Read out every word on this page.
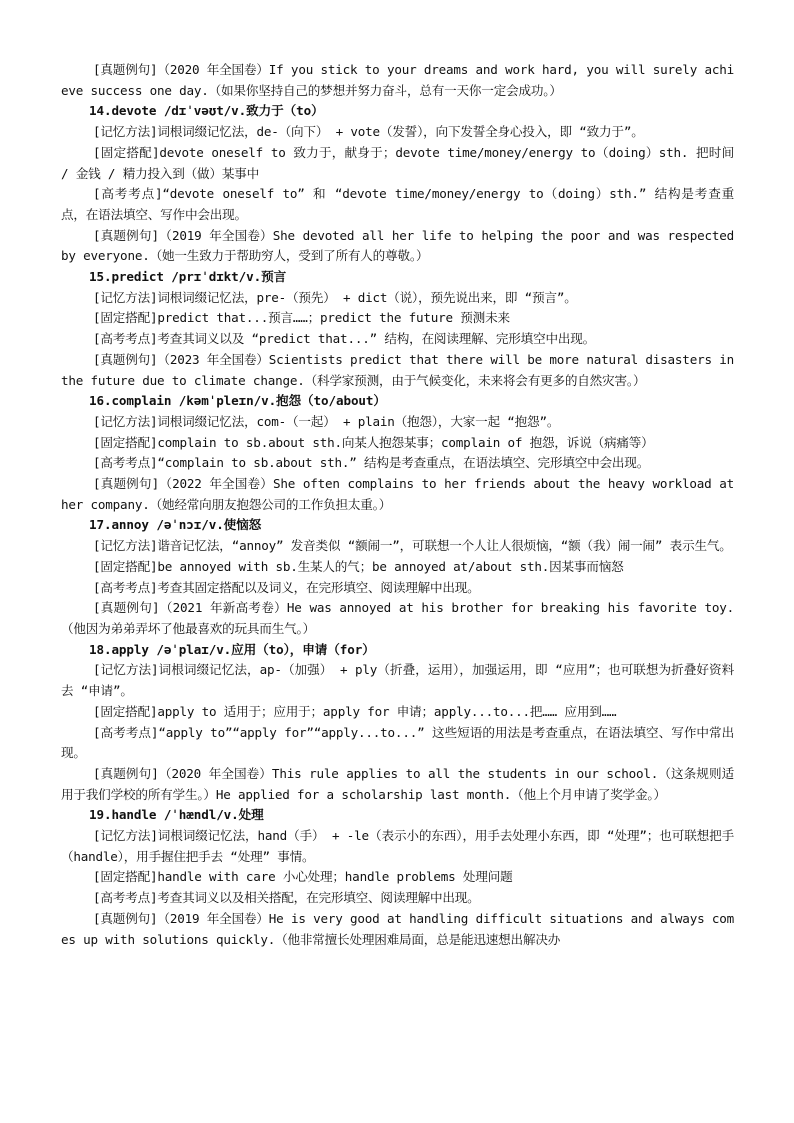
[真题例句]（2020 年全国卷）If you stick to your dreams and work hard, you will surely achieve success one day.（如果你坚持自己的梦想并努力奋斗，总有一天你一定会成功。）
14.devote /dɪˈvəʊt/v.致力于（to）
[记忆方法]词根词缀记忆法，de-（向下） + vote（发誓），向下发誓全身心投入，即 “致力于”。
[固定搭配]devote oneself to 致力于，献身于；devote time/money/energy to（doing）sth. 把时间 / 金钱 / 精力投入到（做）某事中
[高考考点]“devote oneself to” 和 “devote time/money/energy to（doing）sth.” 结构是考查重点，在语法填空、写作中会出现。
[真题例句]（2019 年全国卷）She devoted all her life to helping the poor and was respected by everyone.（她一生致力于帮助穷人，受到了所有人的尊敬。）
15.predict /prɪˈdɪkt/v.预言
[记忆方法]词根词缀记忆法，pre-（预先） + dict（说），预先说出来，即 “预言”。
[固定搭配]predict that...预言……；predict the future 预测未来
[高考考点]考查其词义以及 “predict that...” 结构，在阅读理解、完形填空中出现。
[真题例句]（2023 年全国卷）Scientists predict that there will be more natural disasters in the future due to climate change.（科学家预测，由于气候变化，未来将会有更多的自然灾害。）
16.complain /kəmˈpleɪn/v.抱怨（to/about）
[记忆方法]词根词缀记忆法，com-（一起） + plain（抱怨），大家一起 “抱怨”。
[固定搭配]complain to sb.about sth.向某人抱怨某事；complain of 抱怨，诉说（病痛等）
[高考考点]“complain to sb.about sth.” 结构是考查重点，在语法填空、完形填空中会出现。
[真题例句]（2022 年全国卷）She often complains to her friends about the heavy workload at her company.（她经常向朋友抱怨公司的工作负担太重。）
17.annoy /əˈnɔɪ/v.使恼怒
[记忆方法]谐音记忆法，“annoy” 发音类似 “额闹一”，可联想一个人让人很烦恼，“额（我）闹一闹” 表示生气。
[固定搭配]be annoyed with sb.生某人的气；be annoyed at/about sth.因某事而恼怒
[高考考点]考查其固定搭配以及词义，在完形填空、阅读理解中出现。
[真题例句]（2021 年新高考卷）He was annoyed at his brother for breaking his favorite toy.（他因为弟弟弄坏了他最喜欢的玩具而生气。）
18.apply /əˈplaɪ/v.应用（to），申请（for）
[记忆方法]词根词缀记忆法，ap-（加强） + ply（折叠，运用），加强运用，即 “应用”；也可联想为折叠好资料去 “申请”。
[固定搭配]apply to 适用于；应用于；apply for 申请；apply...to...把…… 应用到……
[高考考点]“apply to”“apply for”“apply...to...” 这些短语的用法是考查重点，在语法填空、写作中常出现。
[真题例句]（2020 年全国卷）This rule applies to all the students in our school.（这条规则适用于我们学校的所有学生。）He applied for a scholarship last month.（他上个月申请了奖学金。）
19.handle /ˈhændl/v.处理
[记忆方法]词根词缀记忆法，hand（手） + -le（表示小的东西），用手去处理小东西，即 “处理”；也可联想把手（handle），用手握住把手去 “处理” 事情。
[固定搭配]handle with care 小心处理；handle problems 处理问题
[高考考点]考查其词义以及相关搭配，在完形填空、阅读理解中出现。
[真题例句]（2019 年全国卷）He is very good at handling difficult situations and always comes up with solutions quickly.（他非常擅长处理困难局面，总是能迅速想出解决办
